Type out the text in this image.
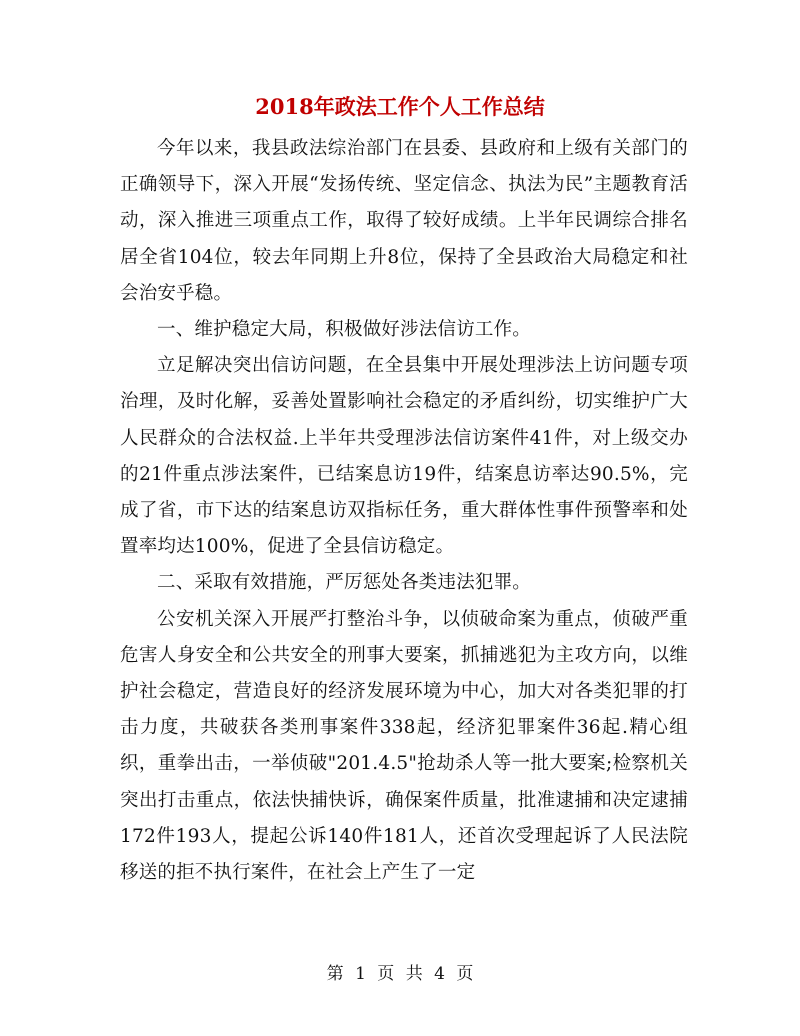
2018年政法工作个人工作总结

今年以来，我县政法综治部门在县委、县政府和上级有关部门的正确领导下，深入开展“发扬传统、坚定信念、执法为民”主题教育活动，深入推进三项重点工作，取得了较好成绩。上半年民调综合排名居全省104位，较去年同期上升8位，保持了全县政治大局稳定和社会治安乎稳。

一、维护稳定大局，积极做好涉法信访工作。

立足解决突出信访问题，在全县集中开展处理涉法上访问题专项治理，及时化解，妥善处置影响社会稳定的矛盾纠纷，切实维护广大人民群众的合法权益.上半年共受理涉法信访案件41件，对上级交办的21件重点涉法案件，已结案息访19件，结案息访率达90.5%，完成了省，市下达的结案息访双指标任务，重大群体性事件预警率和处置率均达100%，促进了全县信访稳定。

二、采取有效措施，严厉惩处各类违法犯罪。

公安机关深入开展严打整治斗争，以侦破命案为重点，侦破严重危害人身安全和公共安全的刑事大要案，抓捕逃犯为主攻方向，以维护社会稳定，营造良好的经济发展环境为中心，加大对各类犯罪的打击力度，共破获各类刑事案件338起，经济犯罪案件36起.精心组织，重拳出击，一举侦破"201.4.5"抢劫杀人等一批大要案;检察机关突出打击重点，依法快捕快诉，确保案件质量，批准逮捕和决定逮捕172件193人，提起公诉140件181人，还首次受理起诉了人民法院移送的拒不执行案件，在社会上产生了一定

第 1 页 共 4 页
